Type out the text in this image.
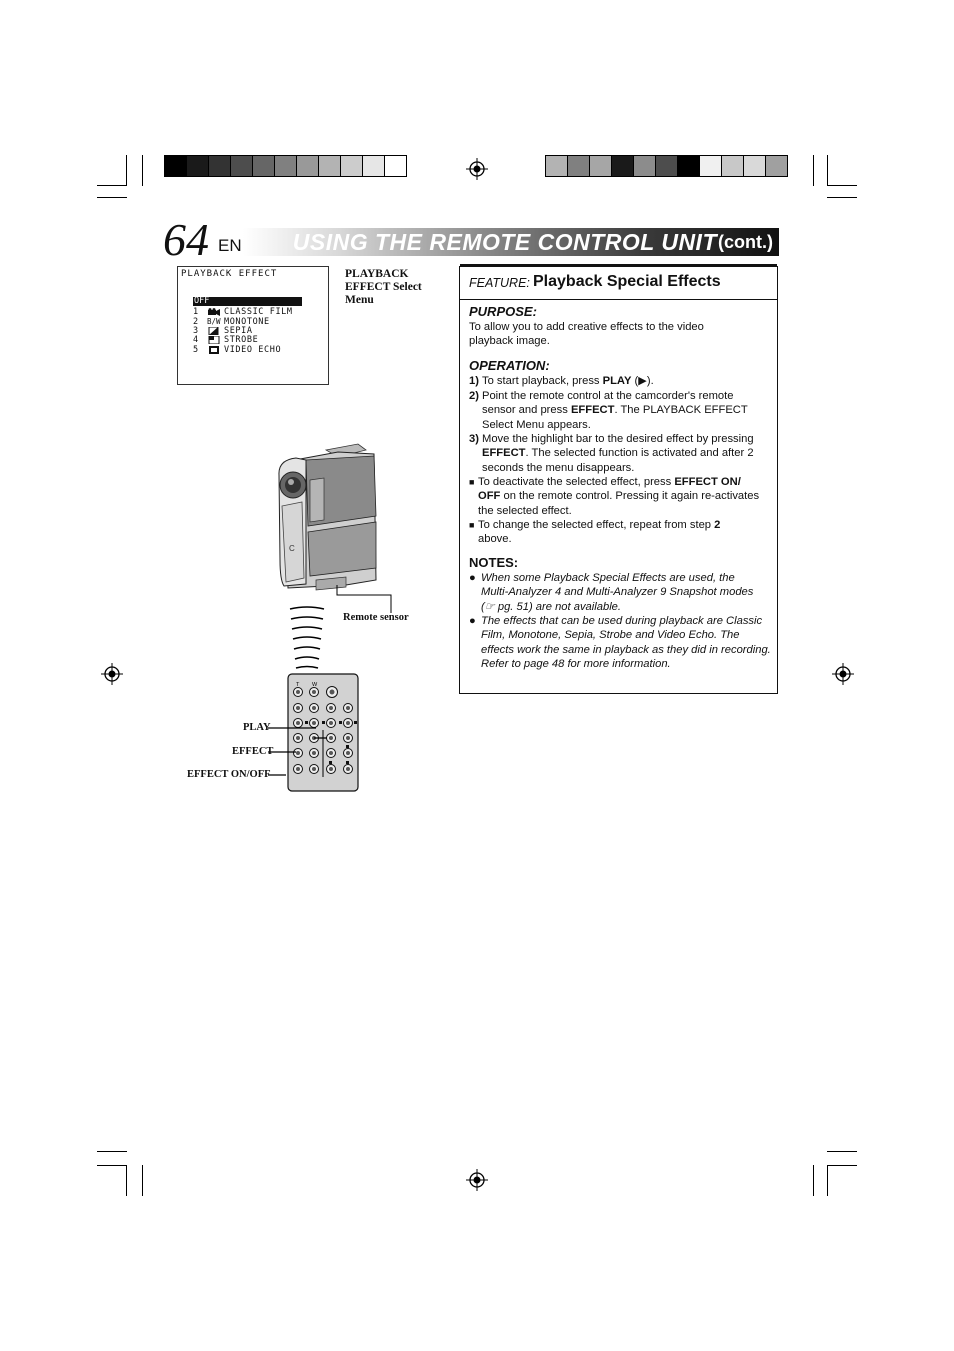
64 EN USING THE REMOTE CONTROL UNIT (cont.)
PLAYBACK EFFECT
OFF
1	CLASSIC FILM
2 B/W MONOTONE
3	SEPIA
4	STROBE
5	VIDEO ECHO
PLAYBACK EFFECT Select Menu
C
Remote sensor
T W
PLAY
EFFECT
EFFECT ON/OFF
FEATURE: Playback Special Effects
PURPOSE:
To allow you to add creative effects to the video playback image.
OPERATION:
1) To start playback, press PLAY (▶).
2) Point the remote control at the camcorder's remote sensor and press EFFECT. The PLAYBACK EFFECT Select Menu appears.
3) Move the highlight bar to the desired effect by pressing EFFECT. The selected function is activated and after 2 seconds the menu disappears.
■ To deactivate the selected effect, press EFFECT ON/ OFF on the remote control. Pressing it again re-activates the selected effect.
■ To change the selected effect, repeat from step 2 above.
NOTES:
● When some Playback Special Effects are used, the Multi-Analyzer 4 and Multi-Analyzer 9 Snapshot modes (☞ pg. 51) are not available.
● The effects that can be used during playback are Classic Film, Monotone, Sepia, Strobe and Video Echo. The effects work the same in playback as they did in recording. Refer to page 48 for more information.
